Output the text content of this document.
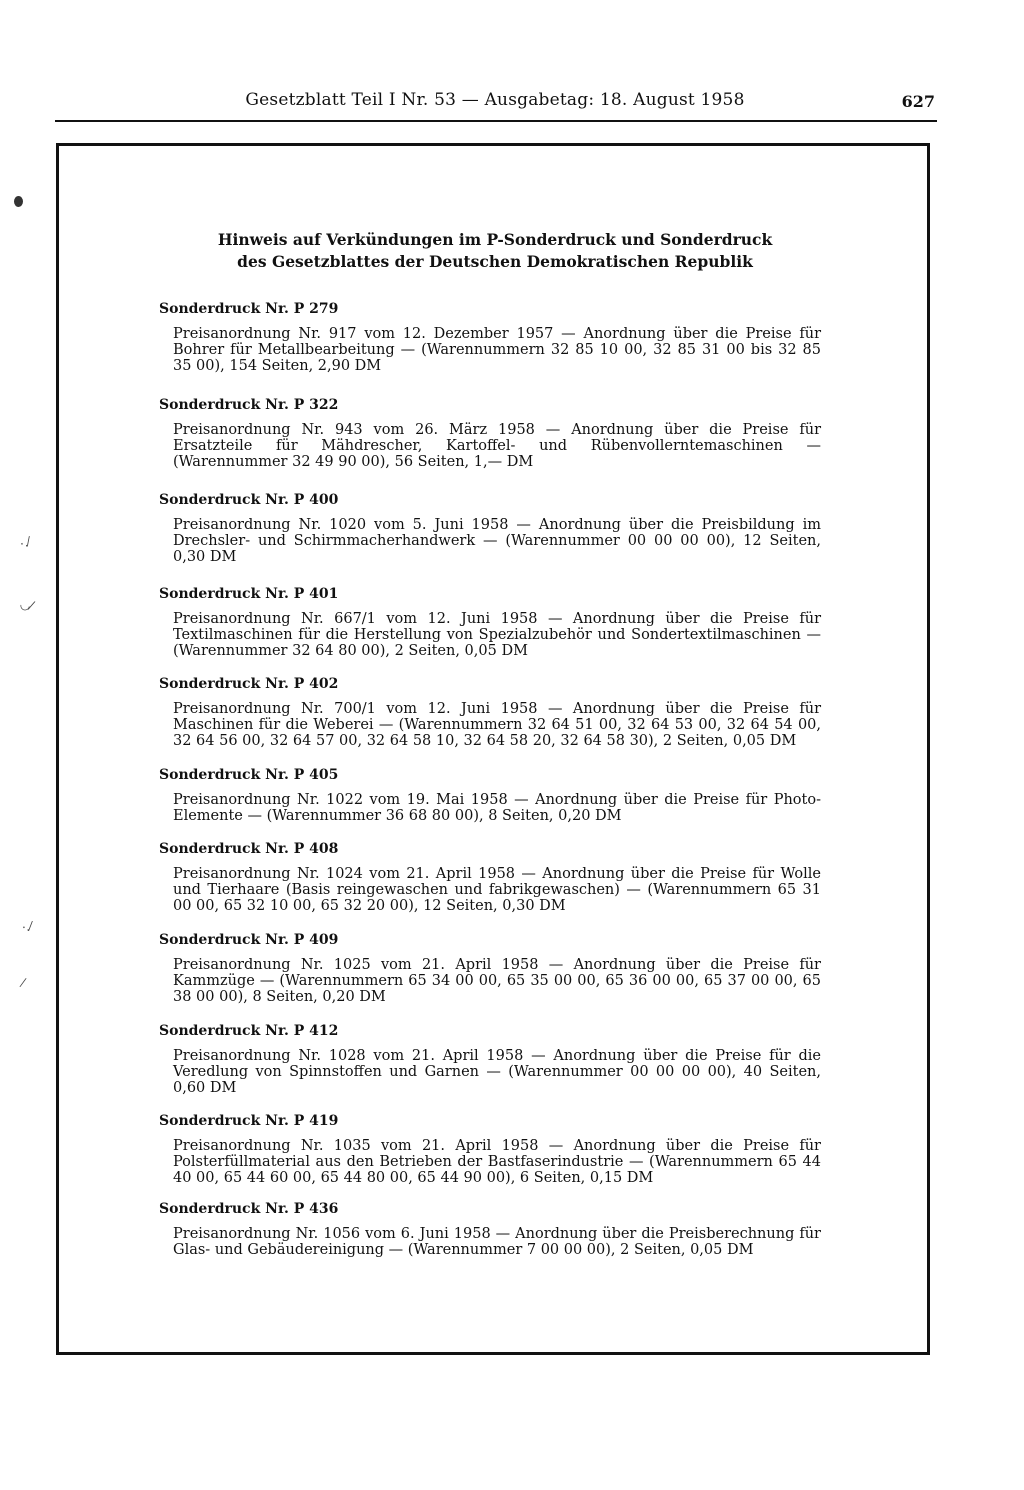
Gesetzblatt Teil I Nr. 53 — Ausgabetag: 18. August 1958	627
·.⁄
◡⁄
·.⁄
⁄
Hinweis auf Verkündungen im P-Sonderdruck und Sonderdruck
des Gesetzblattes der Deutschen Demokratischen Republik
Sonderdruck Nr. P 279
Preisanordnung Nr. 917 vom 12. Dezember 1957 — Anordnung über die Preise für Bohrer für Metallbearbeitung — (Warennummern 32 85 10 00, 32 85 31 00 bis 32 85 35 00), 154 Seiten, 2,90 DM
Sonderdruck Nr. P 322
Preisanordnung Nr. 943 vom 26. März 1958 — Anordnung über die Preise für Ersatzteile für Mähdrescher, Kartoffel- und Rübenvollerntemaschinen — (Warennummer 32 49 90 00), 56 Seiten, 1,— DM
Sonderdruck Nr. P 400
Preisanordnung Nr. 1020 vom 5. Juni 1958 — Anordnung über die Preisbildung im Drechsler- und Schirmmacherhandwerk — (Warennummer 00 00 00 00), 12 Seiten, 0,30 DM
Sonderdruck Nr. P 401
Preisanordnung Nr. 667/1 vom 12. Juni 1958 — Anordnung über die Preise für Textilmaschinen für die Herstellung von Spezialzubehör und Sondertextilmaschinen — (Warennummer 32 64 80 00), 2 Seiten, 0,05 DM
Sonderdruck Nr. P 402
Preisanordnung Nr. 700/1 vom 12. Juni 1958 — Anordnung über die Preise für Maschinen für die Weberei — (Warennummern 32 64 51 00, 32 64 53 00, 32 64 54 00, 32 64 56 00, 32 64 57 00, 32 64 58 10, 32 64 58 20, 32 64 58 30), 2 Seiten, 0,05 DM
Sonderdruck Nr. P 405
Preisanordnung Nr. 1022 vom 19. Mai 1958 — Anordnung über die Preise für Photo-Elemente — (Warennummer 36 68 80 00), 8 Seiten, 0,20 DM
Sonderdruck Nr. P 408
Preisanordnung Nr. 1024 vom 21. April 1958 — Anordnung über die Preise für Wolle und Tierhaare (Basis reingewaschen und fabrikgewaschen) — (Warennummern 65 31 00 00, 65 32 10 00, 65 32 20 00), 12 Seiten, 0,30 DM
Sonderdruck Nr. P 409
Preisanordnung Nr. 1025 vom 21. April 1958 — Anordnung über die Preise für Kammzüge — (Warennummern 65 34 00 00, 65 35 00 00, 65 36 00 00, 65 37 00 00, 65 38 00 00), 8 Seiten, 0,20 DM
Sonderdruck Nr. P 412
Preisanordnung Nr. 1028 vom 21. April 1958 — Anordnung über die Preise für die Veredlung von Spinnstoffen und Garnen — (Warennummer 00 00 00 00), 40 Seiten, 0,60 DM
Sonderdruck Nr. P 419
Preisanordnung Nr. 1035 vom 21. April 1958 — Anordnung über die Preise für Polsterfüllmaterial aus den Betrieben der Bastfaserindustrie — (Warennummern 65 44 40 00, 65 44 60 00, 65 44 80 00, 65 44 90 00), 6 Seiten, 0,15 DM
Sonderdruck Nr. P 436
Preisanordnung Nr. 1056 vom 6. Juni 1958 — Anordnung über die Preisberechnung für Glas- und Gebäudereinigung — (Warennummer 7 00 00 00), 2 Seiten, 0,05 DM
